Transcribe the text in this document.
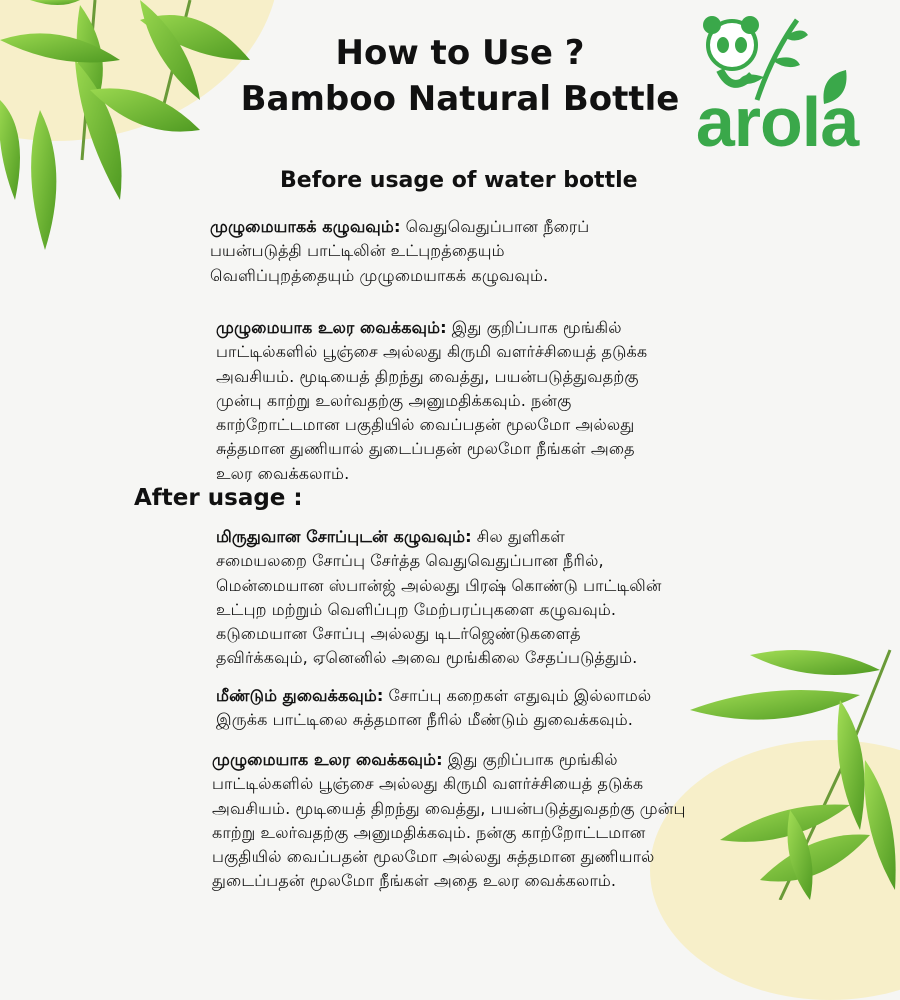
How to Use ?
Bamboo Natural Bottle arola
Before usage of water bottle

முழுமையாகக் கழுவவும்: வெதுவெதுப்பான நீரைப்
பயன்படுத்தி பாட்டிலின் உட்புறத்தையும்
வெளிப்புறத்தையும் முழுமையாகக் கழுவவும்.

முழுமையாக உலர வைக்கவும்: இது குறிப்பாக மூங்கில்
பாட்டில்களில் பூஞ்சை அல்லது கிருமி வளர்ச்சியைத் தடுக்க
அவசியம். மூடியைத் திறந்து வைத்து, பயன்படுத்துவதற்கு
முன்பு காற்று உலர்வதற்கு அனுமதிக்கவும். நன்கு
காற்றோட்டமான பகுதியில் வைப்பதன் மூலமோ அல்லது
சுத்தமான துணியால் துடைப்பதன் மூலமோ நீங்கள் அதை
உலர வைக்கலாம்.

After usage :

மிருதுவான சோப்புடன் கழுவவும்: சில துளிகள்
சமையலறை சோப்பு சேர்த்த வெதுவெதுப்பான நீரில்,
மென்மையான ஸ்பான்ஜ் அல்லது பிரஷ் கொண்டு பாட்டிலின்
உட்புற மற்றும் வெளிப்புற மேற்பரப்புகளை கழுவவும்.
கடுமையான சோப்பு அல்லது டிடர்ஜெண்டுகளைத்
தவிர்க்கவும், ஏனெனில் அவை மூங்கிலை சேதப்படுத்தும்.

மீண்டும் துவைக்கவும்: சோப்பு கறைகள் எதுவும் இல்லாமல்
இருக்க பாட்டிலை சுத்தமான நீரில் மீண்டும் துவைக்கவும்.

முழுமையாக உலர வைக்கவும்: இது குறிப்பாக மூங்கில்
பாட்டில்களில் பூஞ்சை அல்லது கிருமி வளர்ச்சியைத் தடுக்க
அவசியம். மூடியைத் திறந்து வைத்து, பயன்படுத்துவதற்கு முன்பு
காற்று உலர்வதற்கு அனுமதிக்கவும். நன்கு காற்றோட்டமான
பகுதியில் வைப்பதன் மூலமோ அல்லது சுத்தமான துணியால்
துடைப்பதன் மூலமோ நீங்கள் அதை உலர வைக்கலாம்.
